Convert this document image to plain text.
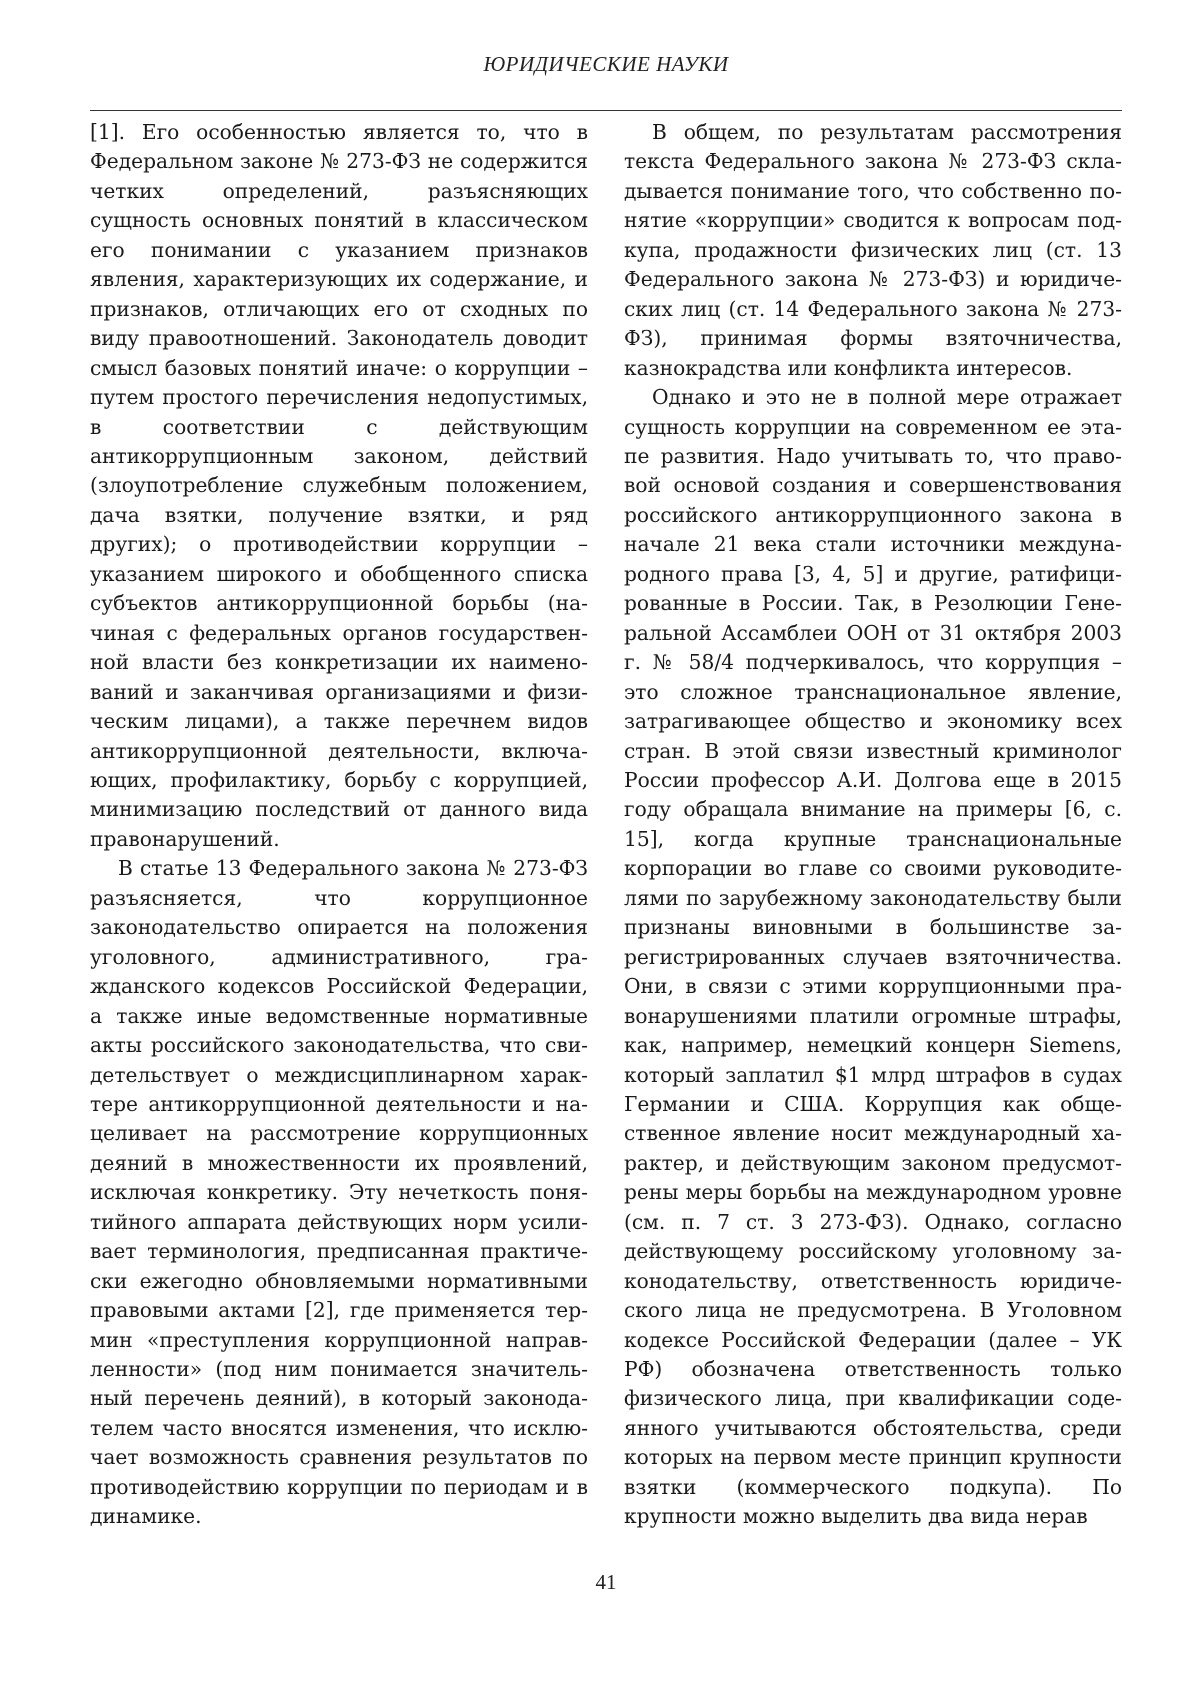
ЮРИДИЧЕСКИЕ НАУКИ

[1]. Его особенностью является то, что в Федеральном законе № 273-ФЗ не содержится четких определений, разъясняющих сущность основных понятий в классическом его понимании с указанием признаков явления, характеризующих их содержание, и признаков, отличающих его от сходных по виду правоотношений. Законодатель доводит смысл базовых понятий иначе: о коррупции – путем простого перечисления недопустимых, в соответствии с действующим антикоррупционным законом, действий (злоупотребление служебным положением, дача взятки, получение взятки, и ряд других); о противодействии коррупции – указанием широкого и обобщенного списка субъектов антикоррупционной борьбы (начиная с федеральных органов государственной власти без конкретизации их наименований и заканчивая организациями и физическим лицами), а также перечнем видов антикоррупционной деятельности, включающих, профилактику, борьбу с коррупцией, минимизацию последствий от данного вида правонарушений.

В статье 13 Федерального закона № 273-ФЗ разъясняется, что коррупционное законодательство опирается на положения уголовного, административного, гражданского кодексов Российской Федерации, а также иные ведомственные нормативные акты российского законодательства, что свидетельствует о междисциплинарном характере антикоррупционной деятельности и нацеливает на рассмотрение коррупционных деяний в множественности их проявлений, исключая конкретику. Эту нечеткость понятийного аппарата действующих норм усиливает терминология, предписанная практически ежегодно обновляемыми нормативными правовыми актами [2], где применяется термин «преступления коррупционной направленности» (под ним понимается значительный перечень деяний), в который законодателем часто вносятся изменения, что исключает возможность сравнения результатов по противодействию коррупции по периодам и в динамике.

В общем, по результатам рассмотрения текста Федерального закона № 273-ФЗ складывается понимание того, что собственно понятие «коррупции» сводится к вопросам подкупа, продажности физических лиц (ст. 13 Федерального закона № 273-ФЗ) и юридических лиц (ст. 14 Федерального закона № 273-ФЗ), принимая формы взяточничества, казнокрадства или конфликта интересов.

Однако и это не в полной мере отражает сущность коррупции на современном ее этапе развития. Надо учитывать то, что правовой основой создания и совершенствования российского антикоррупционного закона в начале 21 века стали источники международного права [3, 4, 5] и другие, ратифицированные в России. Так, в Резолюции Генеральной Ассамблеи ООН от 31 октября 2003 г. № 58/4 подчеркивалось, что коррупция – это сложное транснациональное явление, затрагивающее общество и экономику всех стран. В этой связи известный криминолог России профессор А.И. Долгова еще в 2015 году обращала внимание на примеры [6, с. 15], когда крупные транснациональные корпорации во главе со своими руководителями по зарубежному законодательству были признаны виновными в большинстве зарегистрированных случаев взяточничества. Они, в связи с этими коррупционными правонарушениями платили огромные штрафы, как, например, немецкий концерн Siemens, который заплатил $1 млрд штрафов в судах Германии и США. Коррупция как общественное явление носит международный характер, и действующим законом предусмотрены меры борьбы на международном уровне (см. п. 7 ст. 3 273-ФЗ). Однако, согласно действующему российскому уголовному законодательству, ответственность юридического лица не предусмотрена. В Уголовном кодексе Российской Федерации (далее – УК РФ) обозначена ответственность только физического лица, при квалификации содеянного учитываются обстоятельства, среди которых на первом месте принцип крупности взятки (коммерческого подкупа). По крупности можно выделить два вида нерав

41
